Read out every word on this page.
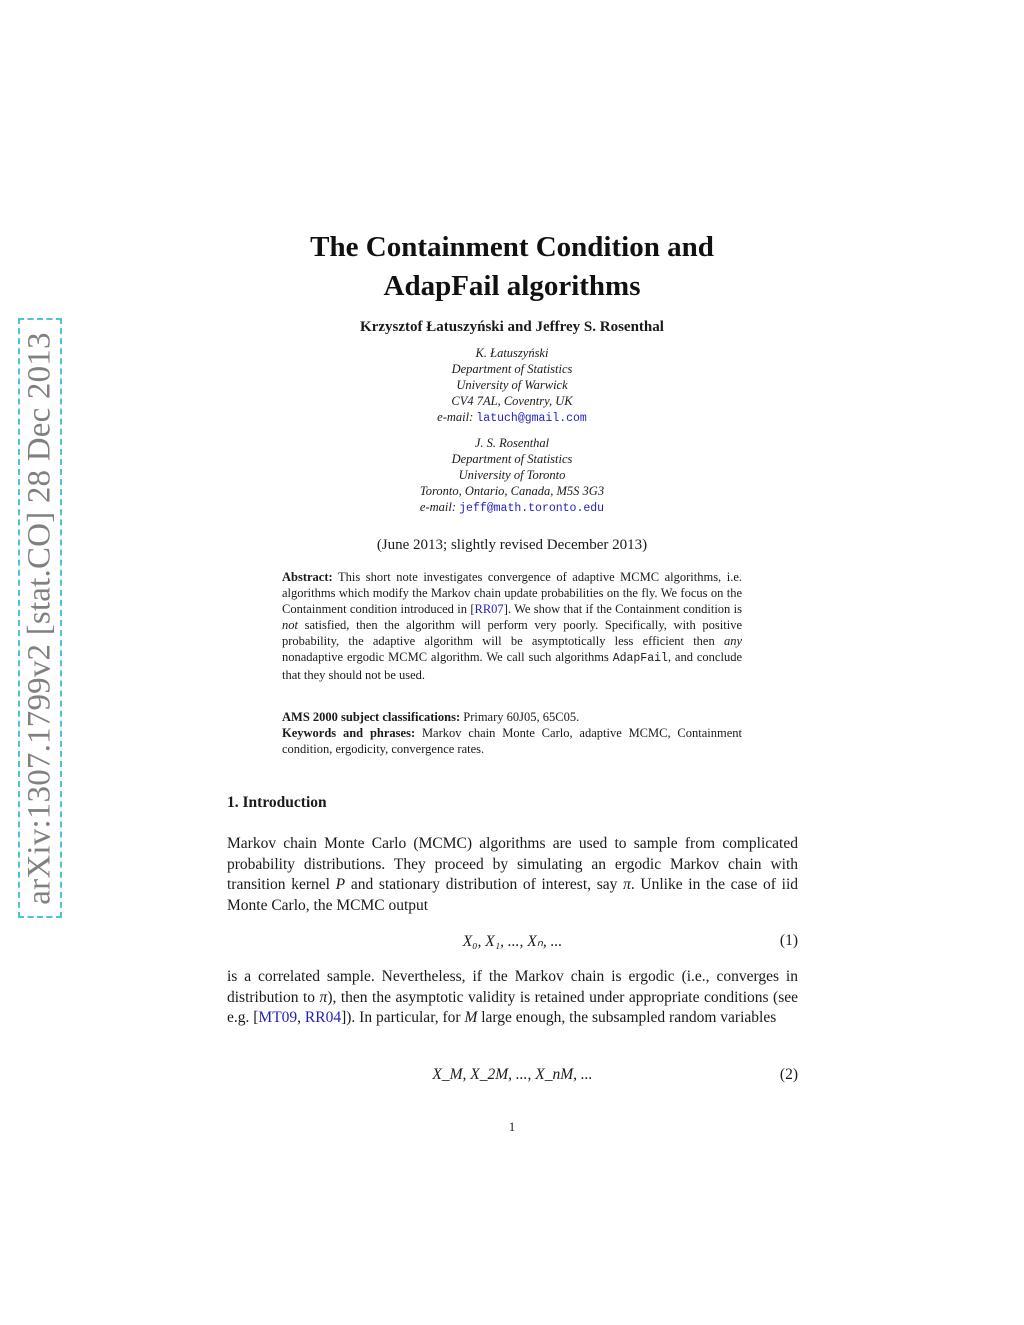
arXiv:1307.1799v2 [stat.CO] 28 Dec 2013
The Containment Condition and
AdapFail algorithms
Krzysztof Łatuszyński and Jeffrey S. Rosenthal
K. Łatuszyński
Department of Statistics
University of Warwick
CV4 7AL, Coventry, UK
e-mail: latuch@gmail.com
J. S. Rosenthal
Department of Statistics
University of Toronto
Toronto, Ontario, Canada, M5S 3G3
e-mail: jeff@math.toronto.edu
(June 2013; slightly revised December 2013)
Abstract: This short note investigates convergence of adaptive MCMC algorithms, i.e. algorithms which modify the Markov chain update probabilities on the fly. We focus on the Containment condition introduced in [RR07]. We show that if the Containment condition is not satisfied, then the algorithm will perform very poorly. Specifically, with positive probability, the adaptive algorithm will be asymptotically less efficient then any nonadaptive ergodic MCMC algorithm. We call such algorithms AdapFail, and conclude that they should not be used.
AMS 2000 subject classifications: Primary 60J05, 65C05.
Keywords and phrases: Markov chain Monte Carlo, adaptive MCMC, Containment condition, ergodicity, convergence rates.
1. Introduction
Markov chain Monte Carlo (MCMC) algorithms are used to sample from complicated probability distributions. They proceed by simulating an ergodic Markov chain with transition kernel P and stationary distribution of interest, say π. Unlike in the case of iid Monte Carlo, the MCMC output
X₀, X₁, ..., Xₙ, ...	(1)
is a correlated sample. Nevertheless, if the Markov chain is ergodic (i.e., converges in distribution to π), then the asymptotic validity is retained under appropriate conditions (see e.g. [MT09, RR04]). In particular, for M large enough, the subsampled random variables
X_M, X_2M, ..., X_nM, ...	(2)
1
